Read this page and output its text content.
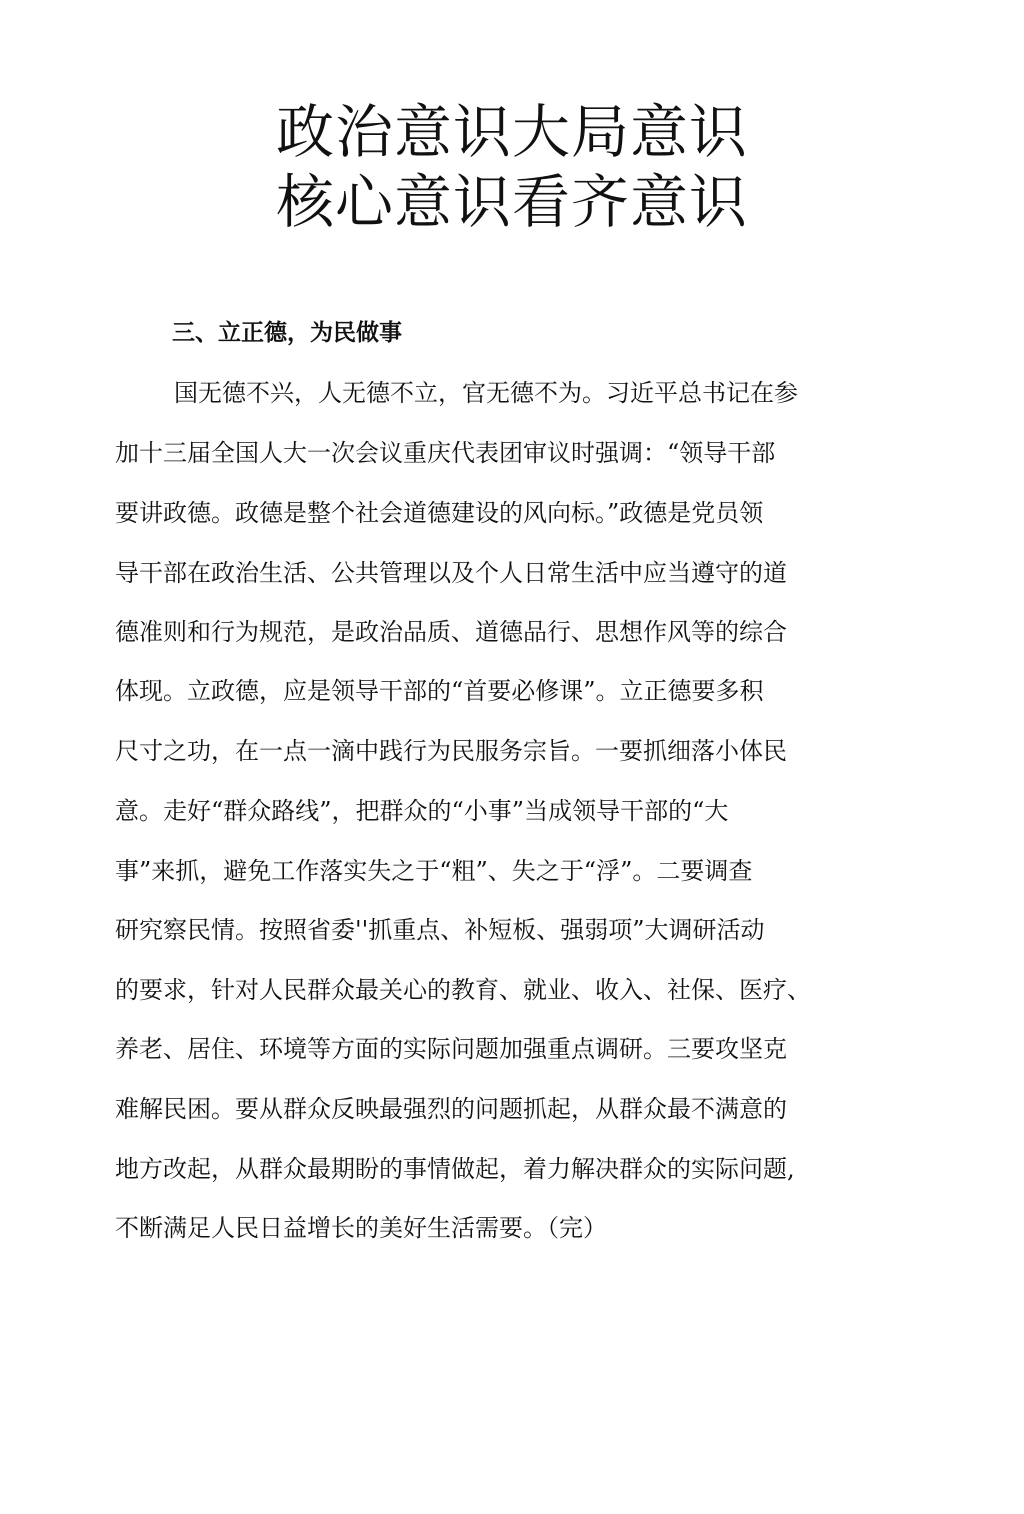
政治意识大局意识
核心意识看齐意识
三、立正德，为民做事

国无德不兴，人无德不立，官无德不为。习近平总书记在参

加十三届全国人大一次会议重庆代表团审议时强调：“领导干部

要讲政德。政德是整个社会道德建设的风向标。”政德是党员领

导干部在政治生活、公共管理以及个人日常生活中应当遵守的道

德准则和行为规范，是政治品质、道德品行、思想作风等的综合

体现。立政德，应是领导干部的“首要必修课”。立正德要多积

尺寸之功，在一点一滴中践行为民服务宗旨。一要抓细落小体民

意。走好“群众路线”，把群众的“小事”当成领导干部的“大

事”来抓，避免工作落实失之于“粗”、失之于“浮”。二要调查

研究察民情。按照省委''抓重点、补短板、强弱项”大调研活动

的要求，针对人民群众最关心的教育、就业、收入、社保、医疗、

养老、居住、环境等方面的实际问题加强重点调研。三要攻坚克

难解民困。要从群众反映最强烈的问题抓起，从群众最不满意的

地方改起，从群众最期盼的事情做起，着力解决群众的实际问题,

不断满足人民日益增长的美好生活需要。（完）
